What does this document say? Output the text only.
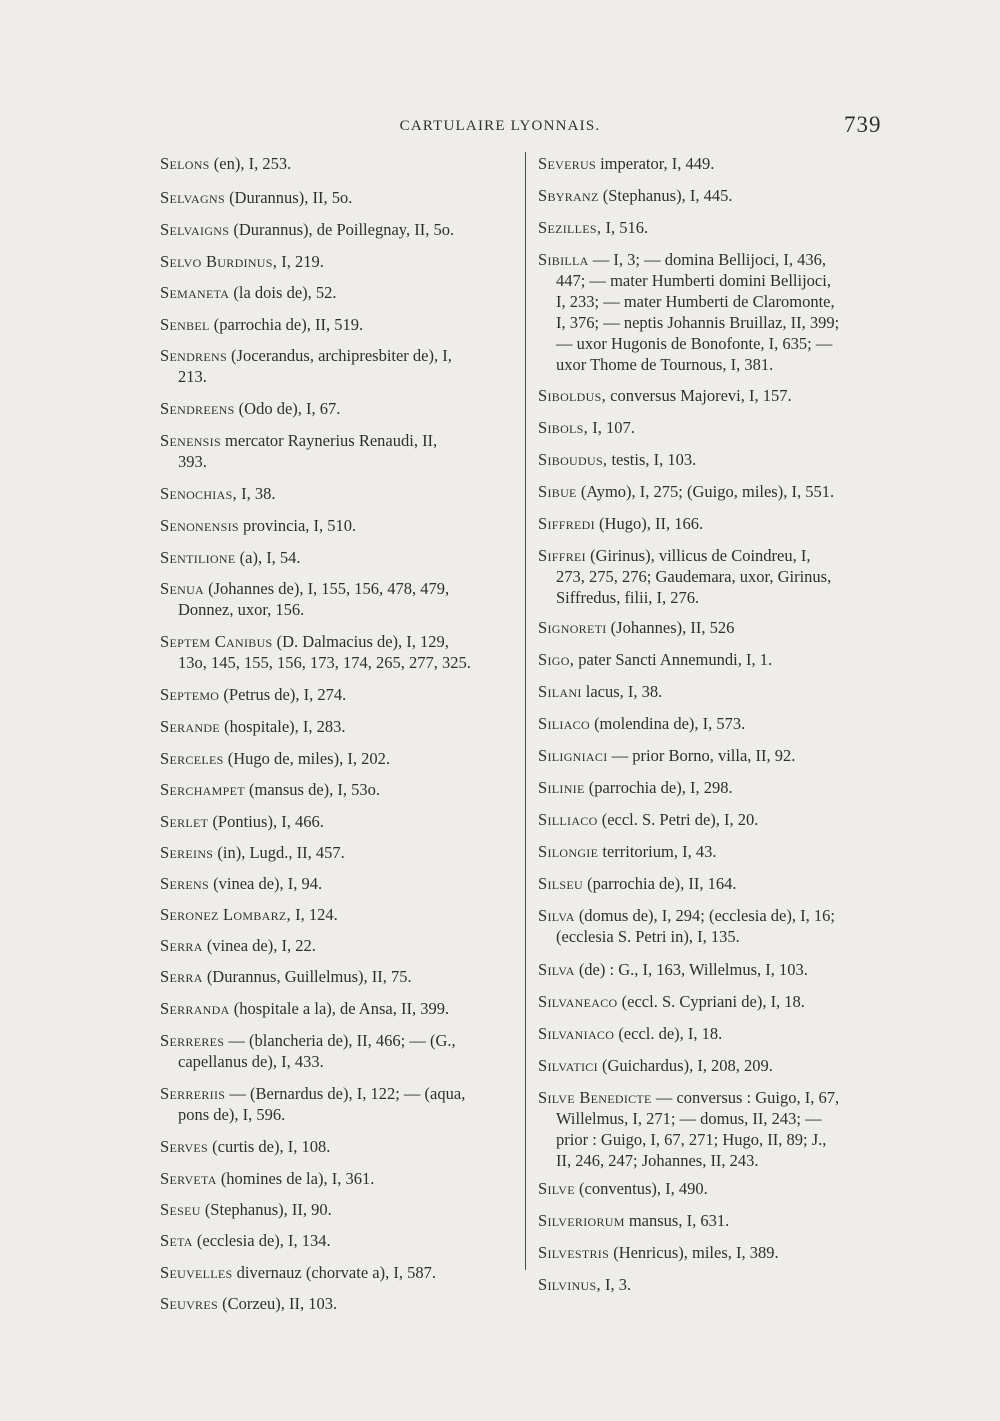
CARTULAIRE LYONNAIS.	739

Selons (en), I, 253.

Selvagns (Durannus), II, 5o.

Selvaigns (Durannus), de Poillegnay, II, 5o.

Selvo Burdinus, I, 219.

Semaneta (la dois de), 52.

Senbel (parrochia de), II, 519.

Sendrens (Jocerandus, archipresbiter de), I,
213.

Sendreens (Odo de), I, 67.

Senensis mercator Raynerius Renaudi, II,
393.

Senochias, I, 38.

Senonensis provincia, I, 510.

Sentilione (a), I, 54.

Senua (Johannes de), I, 155, 156, 478, 479,
Donnez, uxor, 156.

Septem Canibus (D. Dalmacius de), I, 129,
13o, 145, 155, 156, 173, 174, 265, 277, 325.

Septemo (Petrus de), I, 274.

Serande (hospitale), I, 283.

Serceles (Hugo de, miles), I, 202.

Serchampet (mansus de), I, 53o.

Serlet (Pontius), I, 466.

Sereins (in), Lugd., II, 457.

Serens (vinea de), I, 94.

Seronez Lombarz, I, 124.

Serra (vinea de), I, 22.

Serra (Durannus, Guillelmus), II, 75.

Serranda (hospitale a la), de Ansa, II, 399.

Serreres — (blancheria de), II, 466; — (G.,
capellanus de), I, 433.

Serreriis — (Bernardus de), I, 122; — (aqua,
pons de), I, 596.

Serves (curtis de), I, 108.

Serveta (homines de la), I, 361.

Seseu (Stephanus), II, 90.

Seta (ecclesia de), I, 134.

Seuvelles divernauz (chorvate a), I, 587.

Seuvres (Corzeu), II, 103.

Severus imperator, I, 449.

Sbyranz (Stephanus), I, 445.

Sezilles, I, 516.

Sibilla — I, 3; — domina Bellijoci, I, 436,
447; — mater Humberti domini Bellijoci,
I, 233; — mater Humberti de Claromonte,
I, 376; — neptis Johannis Bruillaz, II, 399;
— uxor Hugonis de Bonofonte, I, 635; —
uxor Thome de Tournous, I, 381.

Siboldus, conversus Majorevi, I, 157.

Sibols, I, 107.

Siboudus, testis, I, 103.

Sibue (Aymo), I, 275; (Guigo, miles), I, 551.

Siffredi (Hugo), II, 166.

Siffrei (Girinus), villicus de Coindreu, I,
273, 275, 276; Gaudemara, uxor, Girinus,
Siffredus, filii, I, 276.

Signoreti (Johannes), II, 526

Sigo, pater Sancti Annemundi, I, 1.

Silani lacus, I, 38.

Siliaco (molendina de), I, 573.

Siligniaci — prior Borno, villa, II, 92.

Silinie (parrochia de), I, 298.

Silliaco (eccl. S. Petri de), I, 20.

Silongie territorium, I, 43.

Silseu (parrochia de), II, 164.

Silva (domus de), I, 294; (ecclesia de), I, 16;
(ecclesia S. Petri in), I, 135.

Silva (de) : G., I, 163, Willelmus, I, 103.

Silvaneaco (eccl. S. Cypriani de), I, 18.

Silvaniaco (eccl. de), I, 18.

Silvatici (Guichardus), I, 208, 209.

Silve Benedicte — conversus : Guigo, I, 67,
Willelmus, I, 271; — domus, II, 243; —
prior : Guigo, I, 67, 271; Hugo, II, 89; J.,
II, 246, 247; Johannes, II, 243.

Silve (conventus), I, 490.

Silveriorum mansus, I, 631.

Silvestris (Henricus), miles, I, 389.

Silvinus, I, 3.
